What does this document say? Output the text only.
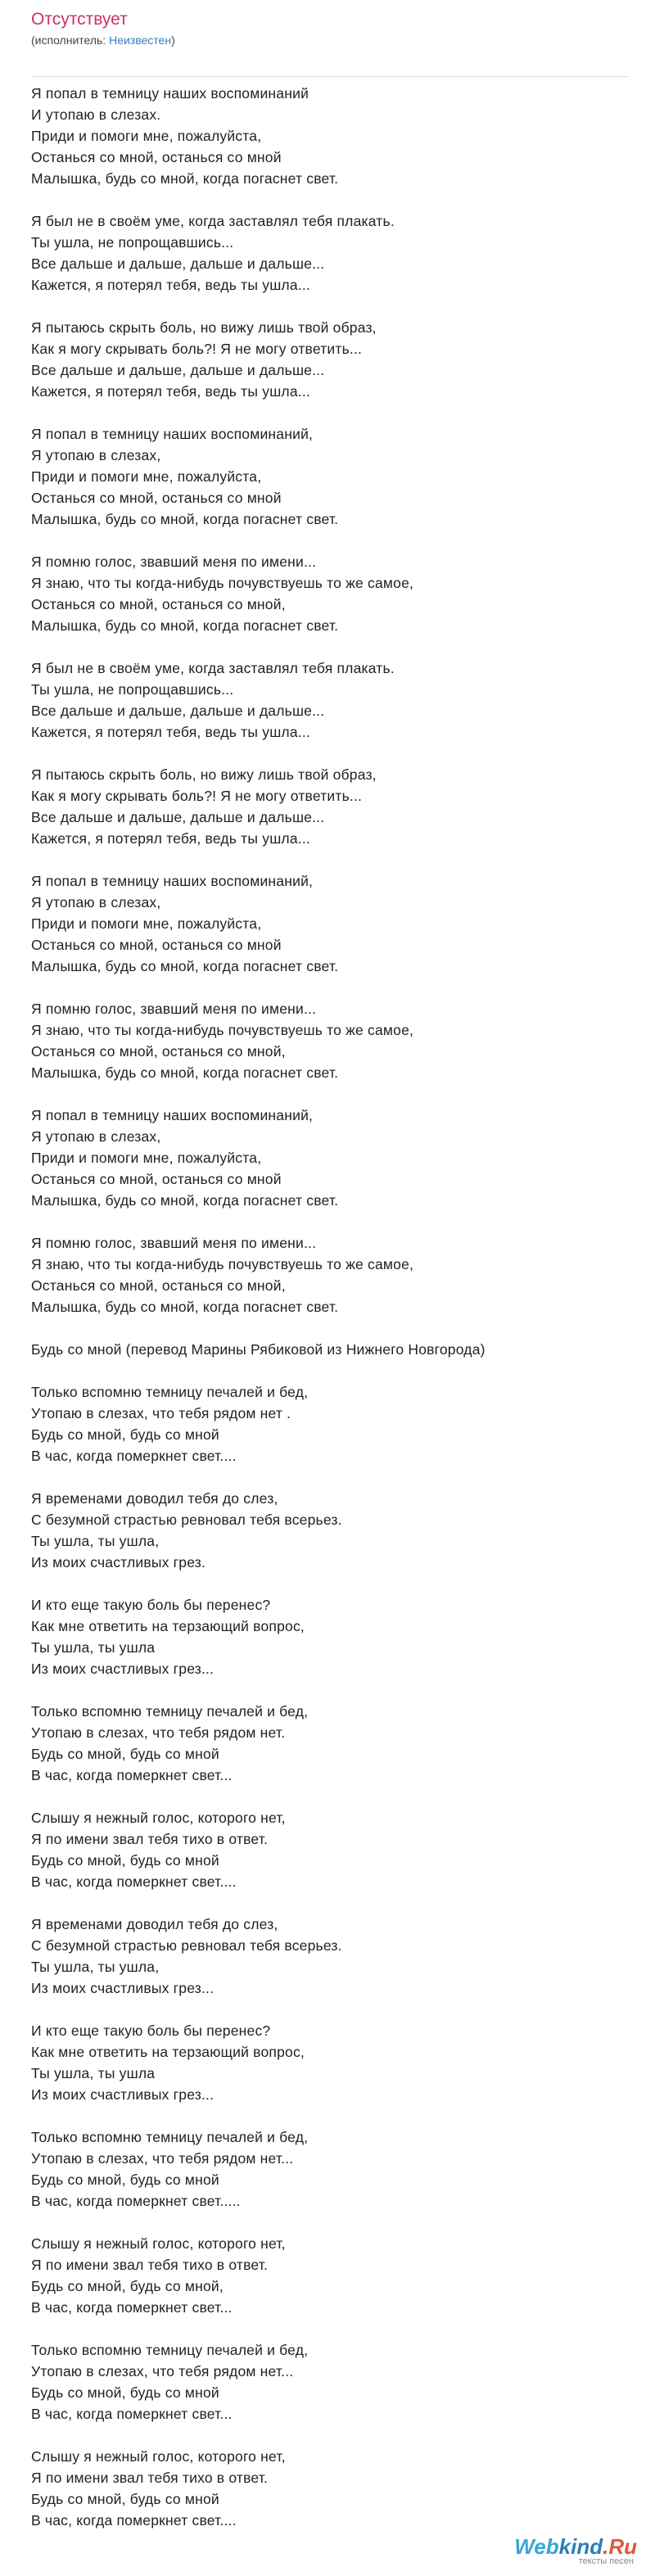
Отсутствует
(исполнитель: Неизвестен)
Я попал в темницу наших воспоминаний
И утопаю в слезах.
Приди и помоги мне, пожалуйста,
Останься со мной, останься со мной
Малышка, будь со мной, когда погаснет свет.
Я был не в своём уме, когда заставлял тебя плакать.
Ты ушла, не попрощавшись...
Все дальше и дальше, дальше и дальше...
Кажется, я потерял тебя, ведь ты ушла...
Я пытаюсь скрыть боль, но вижу лишь твой образ,
Как я могу скрывать боль?! Я не могу ответить...
Все дальше и дальше, дальше и дальше...
Кажется, я потерял тебя, ведь ты ушла...
Я попал в темницу наших воспоминаний,
Я утопаю в слезах,
Приди и помоги мне, пожалуйста,
Останься со мной, останься со мной
Малышка, будь со мной, когда погаснет свет.
Я помню голос, звавший меня по имени...
Я знаю, что ты когда-нибудь почувствуешь то же самое,
Останься со мной, останься со мной,
Малышка, будь со мной, когда погаснет свет.
Я был не в своём уме, когда заставлял тебя плакать.
Ты ушла, не попрощавшись...
Все дальше и дальше, дальше и дальше...
Кажется, я потерял тебя, ведь ты ушла...
Я пытаюсь скрыть боль, но вижу лишь твой образ,
Как я могу скрывать боль?! Я не могу ответить...
Все дальше и дальше, дальше и дальше...
Кажется, я потерял тебя, ведь ты ушла...
Я попал в темницу наших воспоминаний,
Я утопаю в слезах,
Приди и помоги мне, пожалуйста,
Останься со мной, останься со мной
Малышка, будь со мной, когда погаснет свет.
Я помню голос, звавший меня по имени...
Я знаю, что ты когда-нибудь почувствуешь то же самое,
Останься со мной, останься со мной,
Малышка, будь со мной, когда погаснет свет.
Я попал в темницу наших воспоминаний,
Я утопаю в слезах,
Приди и помоги мне, пожалуйста,
Останься со мной, останься со мной
Малышка, будь со мной, когда погаснет свет.
Я помню голос, звавший меня по имени...
Я знаю, что ты когда-нибудь почувствуешь то же самое,
Останься со мной, останься со мной,
Малышка, будь со мной, когда погаснет свет.
Будь со мной (перевод Марины Рябиковой из Нижнего Новгорода)
Только вспомню темницу печалей и бед,
Утопаю в слезах, что тебя рядом нет .
Будь со мной, будь со мной
В час, когда померкнет свет....
Я временами доводил тебя до слез,
С безумной страстью ревновал тебя всерьез.
Ты ушла, ты ушла,
Из моих счастливых грез.
И кто еще такую боль бы перенес?
Как мне ответить на терзающий вопрос,
Ты ушла, ты ушла
Из моих счастливых грез...
Только вспомню темницу печалей и бед,
Утопаю в слезах, что тебя рядом нет.
Будь со мной, будь со мной
В час, когда померкнет свет...
Слышу я нежный голос, которого нет,
Я по имени звал тебя тихо в ответ.
Будь со мной, будь со мной
В час, когда померкнет свет....
Я временами доводил тебя до слез,
С безумной страстью ревновал тебя всерьез.
Ты ушла, ты ушла,
Из моих счастливых грез...
И кто еще такую боль бы перенес?
Как мне ответить на терзающий вопрос,
Ты ушла, ты ушла
Из моих счастливых грез...
Только вспомню темницу печалей и бед,
Утопаю в слезах, что тебя рядом нет...
Будь со мной, будь со мной
В час, когда померкнет свет.....
Слышу я нежный голос, которого нет,
Я по имени звал тебя тихо в ответ.
Будь со мной, будь со мной,
В час, когда померкнет свет...
Только вспомню темницу печалей и бед,
Утопаю в слезах, что тебя рядом нет...
Будь со мной, будь со мной
В час, когда померкнет свет...
Слышу я нежный голос, которого нет,
Я по имени звал тебя тихо в ответ.
Будь со мной, будь со мной
В час, когда померкнет свет....
Webkind.Ru
тексты песен
